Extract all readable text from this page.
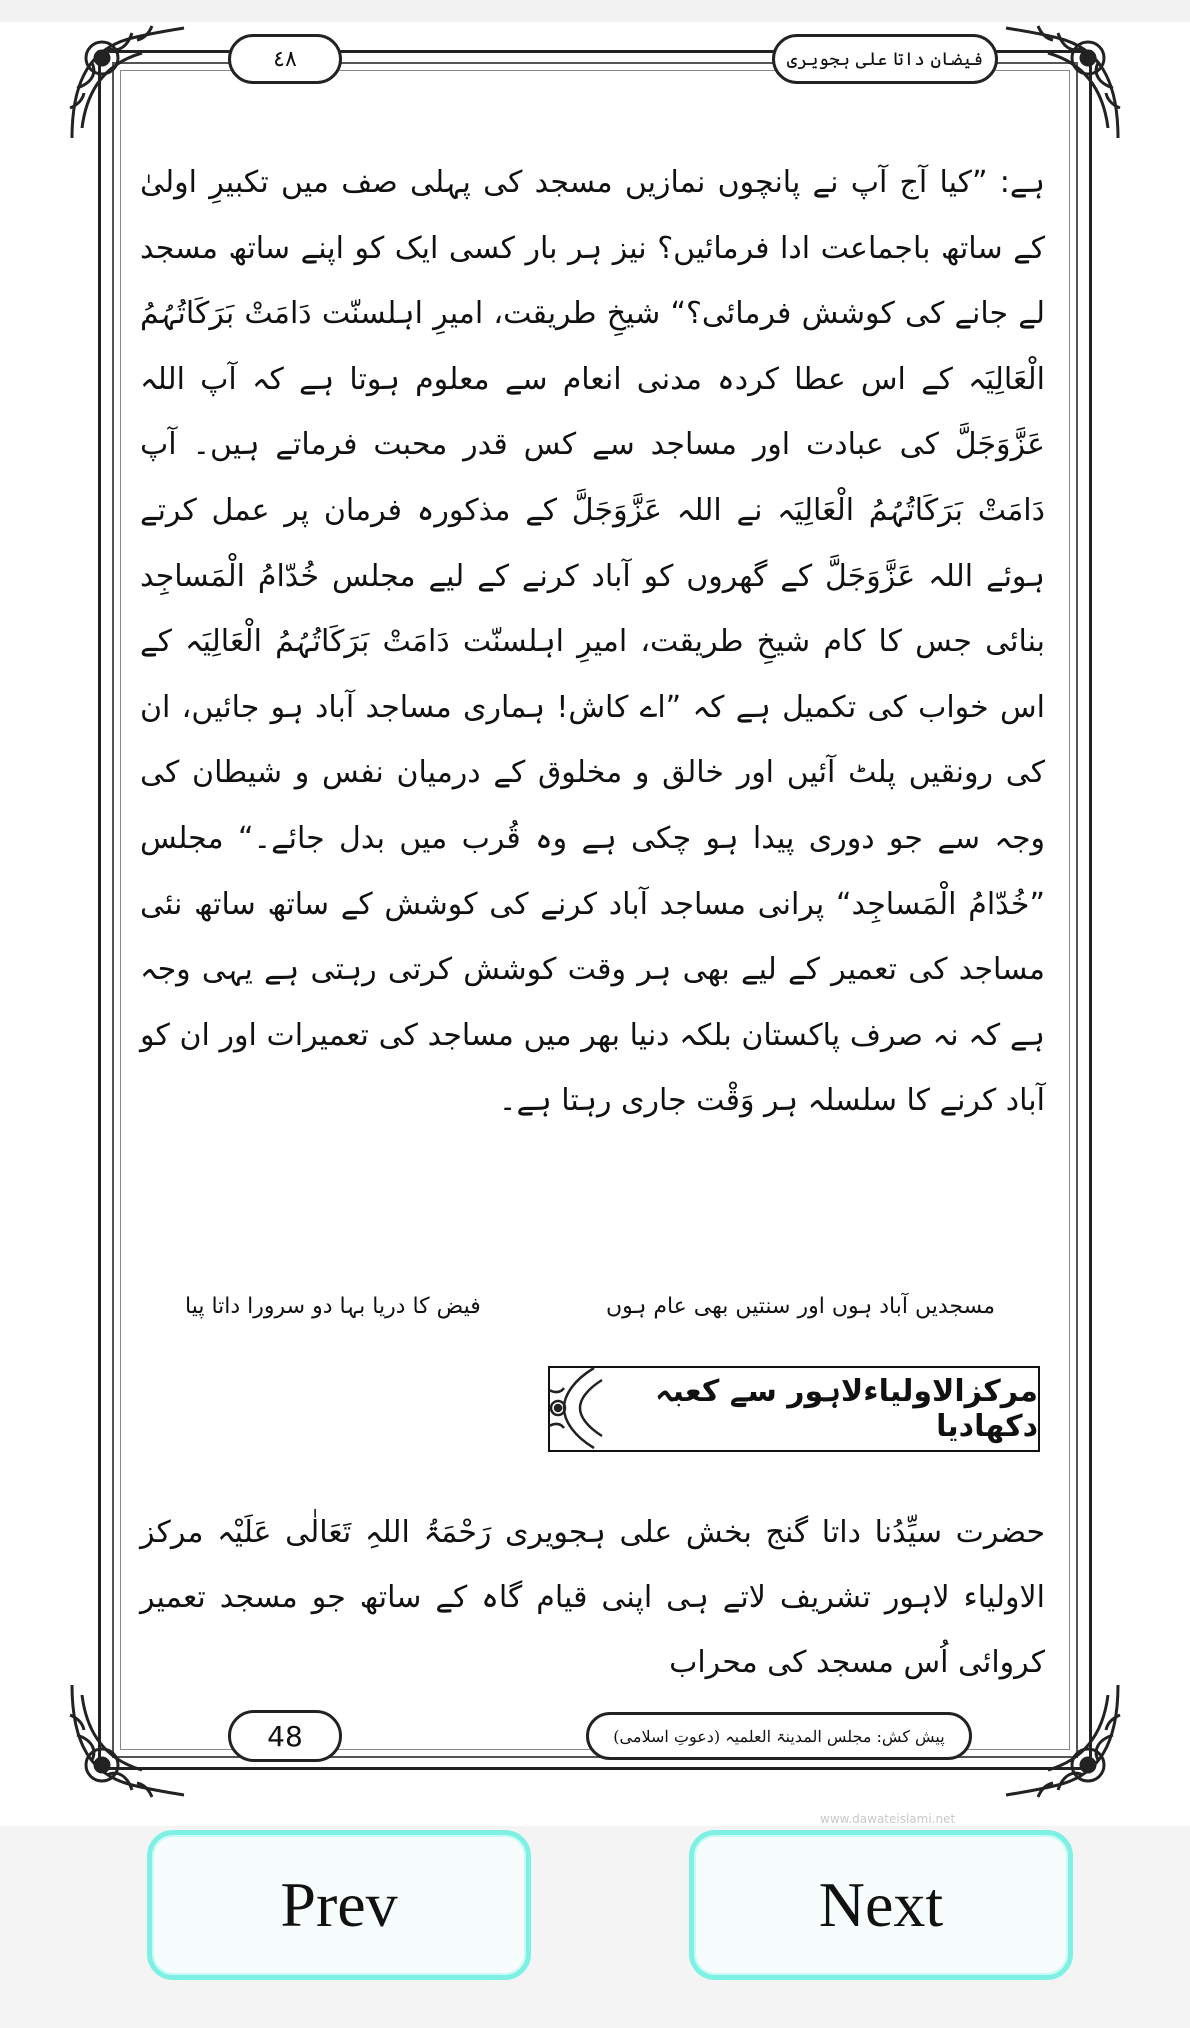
٤٨	فیضانِ داتا علی ہجویری

ہے: ”کیا آج آپ نے پانچوں نمازیں مسجد کی پہلی صف میں تکبیرِ اولیٰ کے ساتھ باجماعت ادا فرمائیں؟ نیز ہر بار کسی ایک کو اپنے ساتھ مسجد لے جانے کی کوشش فرمائی؟“ شیخِ طریقت، امیرِ اہلسنّت دَامَتْ بَرَکَاتُہُمُ الْعَالِیَہ کے اس عطا کردہ مدنی انعام سے معلوم ہوتا ہے کہ آپ اللہ عَزَّوَجَلَّ کی عبادت اور مساجد سے کس قدر محبت فرماتے ہیں۔ آپ دَامَتْ بَرَکَاتُہُمُ الْعَالِیَہ نے اللہ عَزَّوَجَلَّ کے مذکورہ فرمان پر عمل کرتے ہوئے اللہ عَزَّوَجَلَّ کے گھروں کو آباد کرنے کے لیے مجلس خُدّامُ الْمَساجِد بنائی جس کا کام شیخِ طریقت، امیرِ اہلسنّت دَامَتْ بَرَکَاتُہُمُ الْعَالِیَہ کے اس خواب کی تکمیل ہے کہ ”اے کاش! ہماری مساجد آباد ہو جائیں، ان کی رونقیں پلٹ آئیں اور خالق و مخلوق کے درمیان نفس و شیطان کی وجہ سے جو دوری پیدا ہو چکی ہے وہ قُرب میں بدل جائے۔“ مجلس ”خُدّامُ الْمَساجِد“ پرانی مساجد آباد کرنے کی کوشش کے ساتھ ساتھ نئی مساجد کی تعمیر کے لیے بھی ہر وقت کوشش کرتی رہتی ہے یہی وجہ ہے کہ نہ صرف پاکستان بلکہ دنیا بھر میں مساجد کی تعمیرات اور ان کو آباد کرنے کا سلسلہ ہر وَقْت جاری رہتا ہے۔

مسجدیں آباد ہوں اور سنتیں بھی عام ہوں
فیض کا دریا بہا دو سرورا داتا پیا
مرکزالاولیاءلاہور سے کعبہ دکھادیا

حضرت سیِّدُنا داتا گنج بخش علی ہجویری رَحْمَۃُ اللہِ تَعَالٰی عَلَیْہ مرکز الاولیاء لاہور تشریف لاتے ہی اپنی قیام گاہ کے ساتھ جو مسجد تعمیر کروائی اُس مسجد کی محراب

48	پیش کش: مجلس المدینۃ العلمیہ (دعوتِ اسلامی)
www.dawateislami.net
Prev	Next
